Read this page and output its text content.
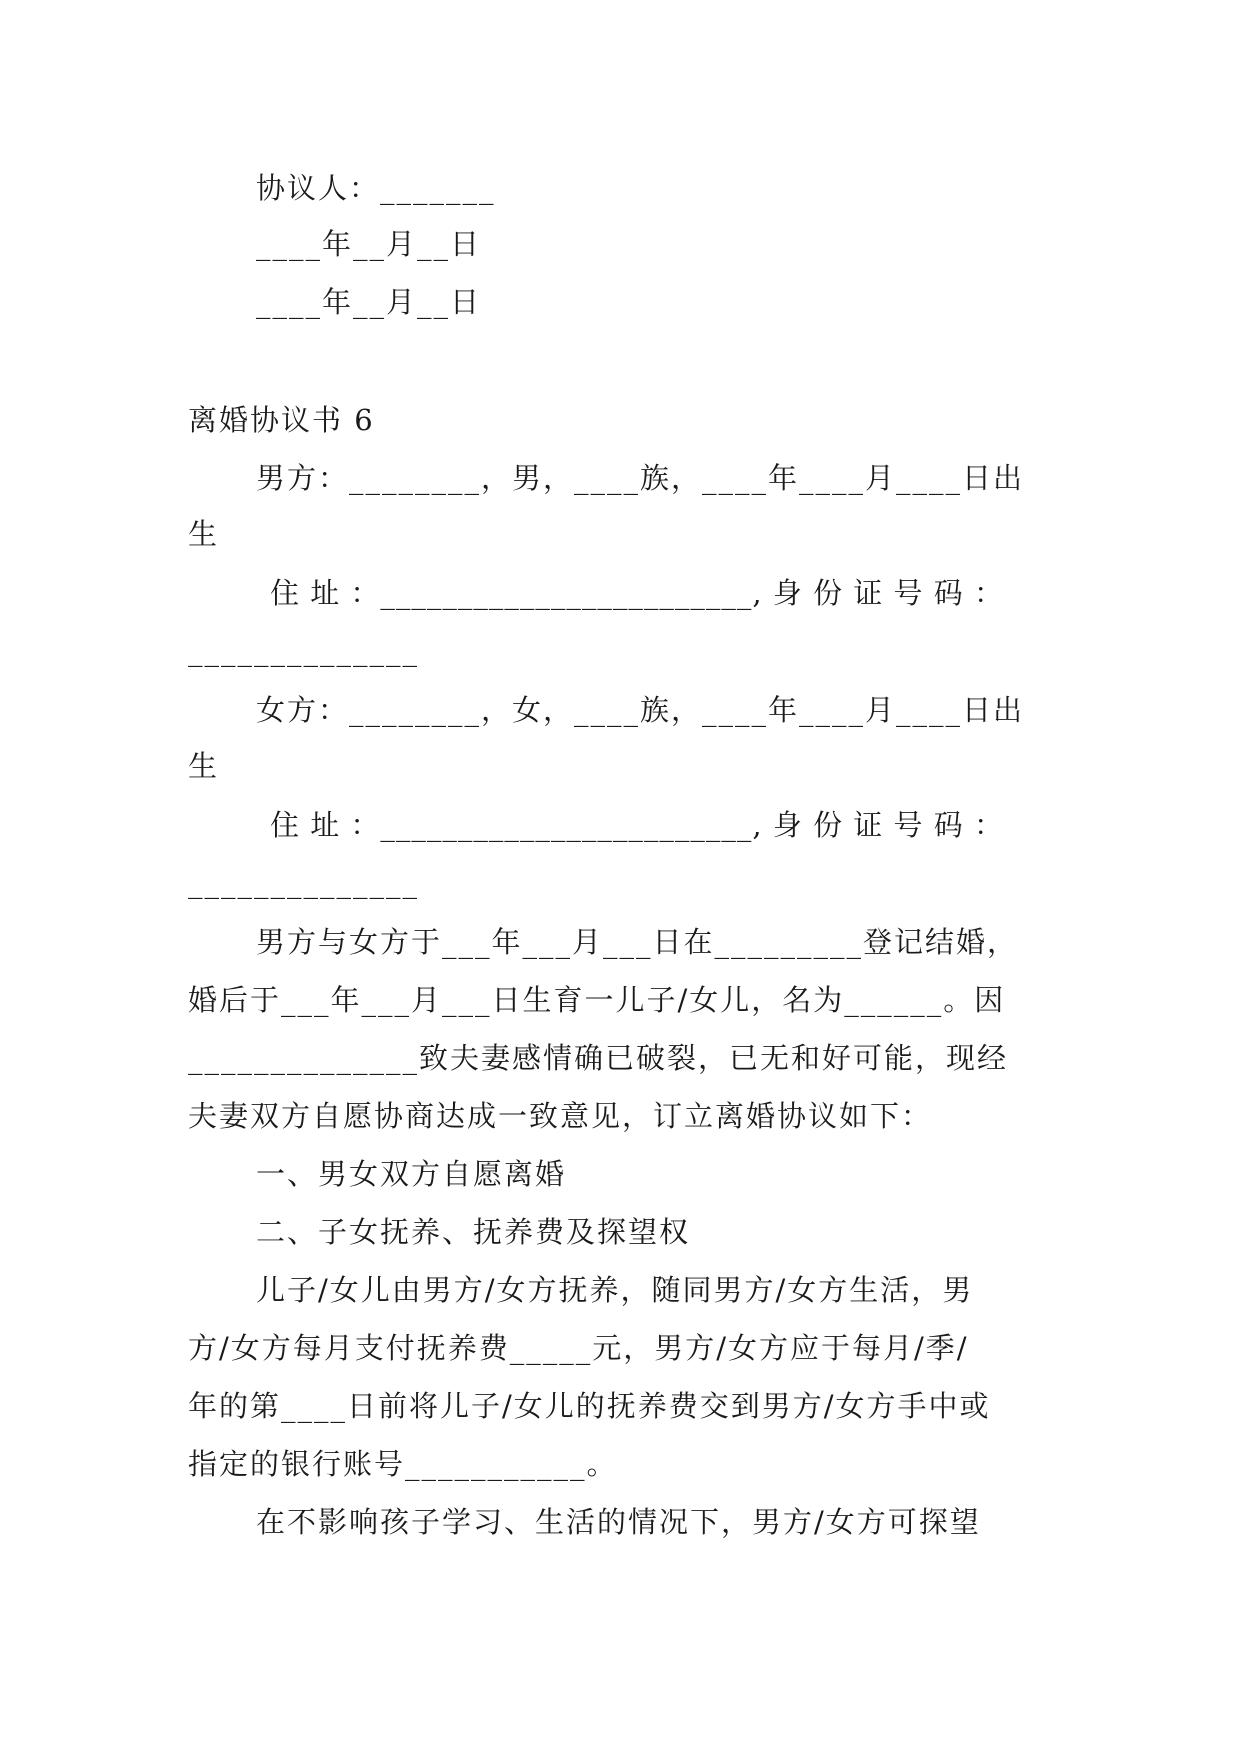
协议人：_______
____年__月__日
____年__月__日
离婚协议书 6
男方：________，男，____族，____年____月____日出
生
住 址 ：________________________, 身 份 证 号 码 ：
______________
女方：________，女，____族，____年____月____日出
生
住 址 ：________________________, 身 份 证 号 码 ：
______________
男方与女方于___年___月___日在_________登记结婚，
婚后于___年___月___日生育一儿子/女儿，名为______。因
______________致夫妻感情确已破裂，已无和好可能，现经
夫妻双方自愿协商达成一致意见，订立离婚协议如下：
一、男女双方自愿离婚
二、子女抚养、抚养费及探望权
儿子/女儿由男方/女方抚养，随同男方/女方生活，男
方/女方每月支付抚养费_____元，男方/女方应于每月/季/
年的第____日前将儿子/女儿的抚养费交到男方/女方手中或
指定的银行账号___________。
在不影响孩子学习、生活的情况下，男方/女方可探望
